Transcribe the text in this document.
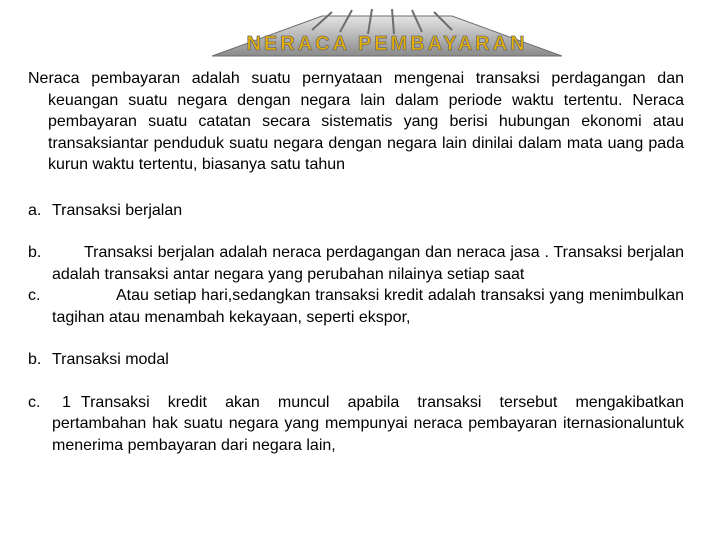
NERACA PEMBAYARAN

Neraca pembayaran adalah suatu pernyataan mengenai transaksi perdagangan dan keuangan suatu negara dengan negara lain dalam periode waktu tertentu. Neraca pembayaran suatu catatan secara sistematis yang berisi hubungan ekonomi atau transaksiantar penduduk suatu negara dengan negara lain dinilai dalam mata uang pada kurun waktu tertentu, biasanya satu tahun

a. Transaksi berjalan

b.	Transaksi berjalan adalah neraca perdagangan dan neraca jasa . Transaksi berjalan adalah transaksi antar negara yang perubahan nilainya setiap saat

c.	Atau setiap hari,sedangkan transaksi kredit adalah transaksi yang menimbulkan tagihan atau menambah kekayaan, seperti ekspor,

b. Transaksi modal

c.	1 Transaksi kredit akan muncul apabila transaksi tersebut mengakibatkan pertambahan hak suatu negara yang mempunyai neraca pembayaran iternasionaluntuk menerima pembayaran dari negara lain,
